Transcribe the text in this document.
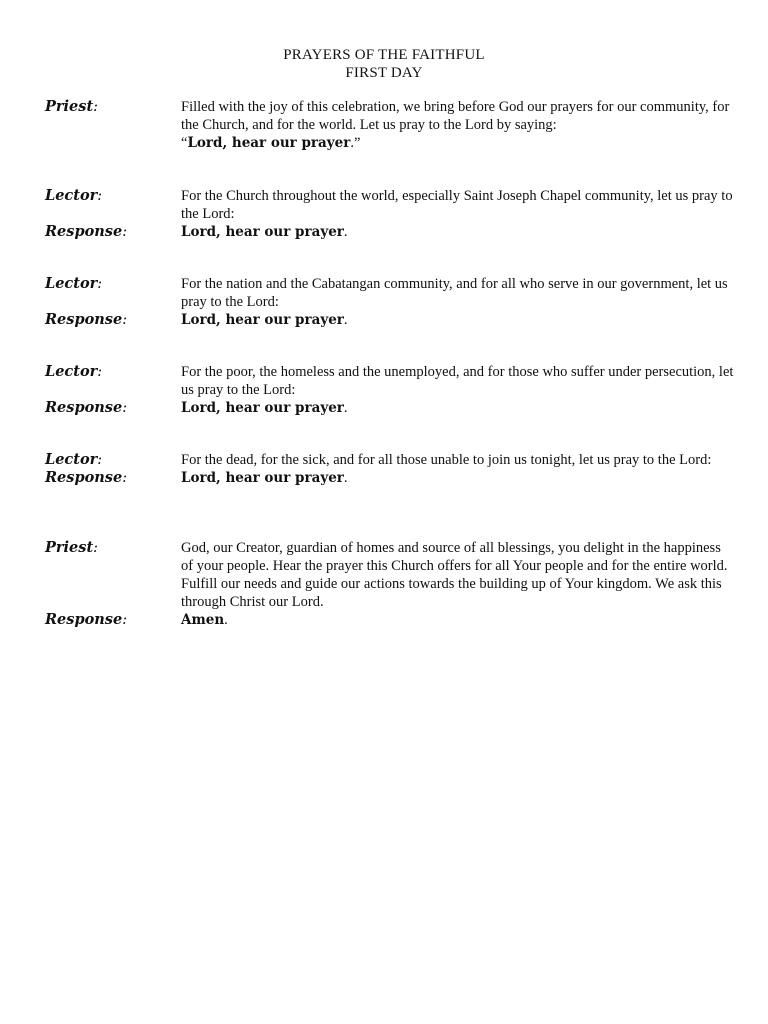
PRAYERS OF THE FAITHFUL
FIRST DAY
Priest:	Filled with the joy of this celebration, we bring before God our prayers for our community, for the Church, and for the world. Let us pray to the Lord by saying:
“Lord, hear our prayer.”
Lector:	For the Church throughout the world, especially Saint Joseph Chapel community, let us pray to the Lord:
Response:	Lord, hear our prayer.
Lector:	For the nation and the Cabatangan community, and for all who serve in our government, let us pray to the Lord:
Response:	Lord, hear our prayer.
Lector:	For the poor, the homeless and the unemployed, and for those who suffer under persecution, let us pray to the Lord:
Response:	Lord, hear our prayer.
Lector:	For the dead, for the sick, and for all those unable to join us tonight, let us pray to the Lord:
Response:	Lord, hear our prayer.
Priest:	God, our Creator, guardian of homes and source of all blessings, you delight in the happiness of your people. Hear the prayer this Church offers for all Your people and for the entire world. Fulfill our needs and guide our actions towards the building up of Your kingdom. We ask this through Christ our Lord.
Response:	Amen.
